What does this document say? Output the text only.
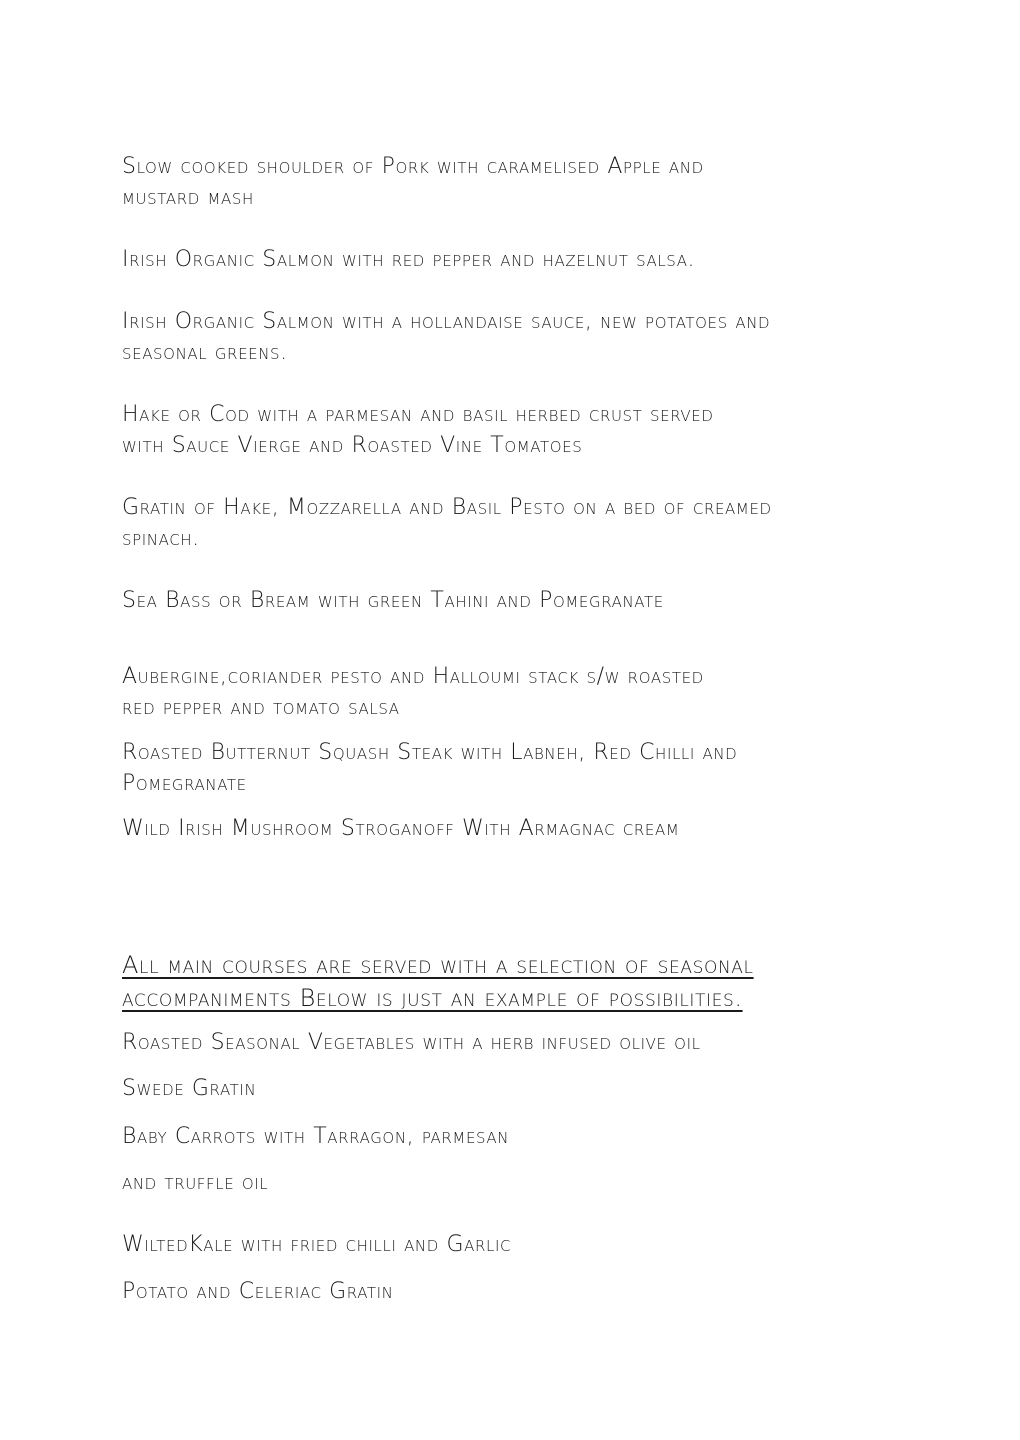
Slow cooked shoulder of Pork with caramelised Apple and

mustard mash

Irish Organic Salmon with red pepper and hazelnut salsa.

Irish Organic Salmon with a hollandaise sauce, new potatoes and

seasonal greens.

Hake or Cod with a parmesan and basil herbed crust served

with Sauce Vierge and Roasted Vine Tomatoes

Gratin of Hake, Mozzarella and Basil Pesto on a bed of creamed

spinach.

Sea Bass or Bream with green Tahini and Pomegranate

Aubergine,coriander pesto and Halloumi stack s/w roasted

red pepper and tomato salsa

Roasted Butternut Squash Steak with Labneh, Red Chilli and

Pomegranate

Wild Irish Mushroom Stroganoff With Armagnac cream

All main courses are served with a selection of seasonal

accompaniments Below is just an example of possibilities.

Roasted Seasonal Vegetables with a herb infused olive oil

Swede Gratin

Baby Carrots with Tarragon, parmesan

and truffle oil

WiltedKale with fried chilli and Garlic

Potato and Celeriac Gratin
